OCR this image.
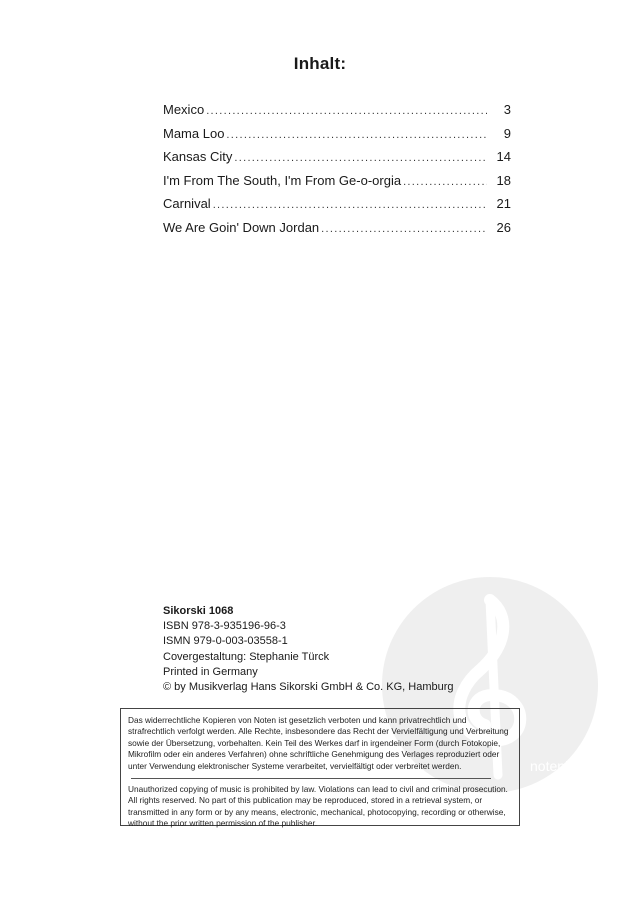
notenbuch
Inhalt:
Mexico .....	3
Mama Loo .....	9
Kansas City .....	14
I'm From The South, I'm From Ge-o-orgia .....	18
Carnival .....	21
We Are Goin' Down Jordan .....	26
Sikorski 1068
ISBN 978-3-935196-96-3
ISMN 979-0-003-03558-1
Covergestaltung: Stephanie Türck
Printed in Germany
© by Musikverlag Hans Sikorski GmbH & Co. KG, Hamburg

Das widerrechtliche Kopieren von Noten ist gesetzlich verboten und kann privatrechtlich und strafrechtlich verfolgt werden. Alle Rechte, insbesondere das Recht der Vervielfältigung und Verbreitung sowie der Übersetzung, vorbehalten. Kein Teil des Werkes darf in irgendeiner Form (durch Fotokopie, Mikrofilm oder ein anderes Verfahren) ohne schriftliche Genehmigung des Verlages reproduziert oder unter Verwendung elektronischer Systeme verarbeitet, vervielfältigt oder verbreitet werden.

Unauthorized copying of music is prohibited by law. Violations can lead to civil and criminal prosecution. All rights reserved. No part of this publication may be reproduced, stored in a retrieval system, or transmitted in any form or by any means, electronic, mechanical, photocopying, recording or otherwise, without the prior written permission of the publisher.
